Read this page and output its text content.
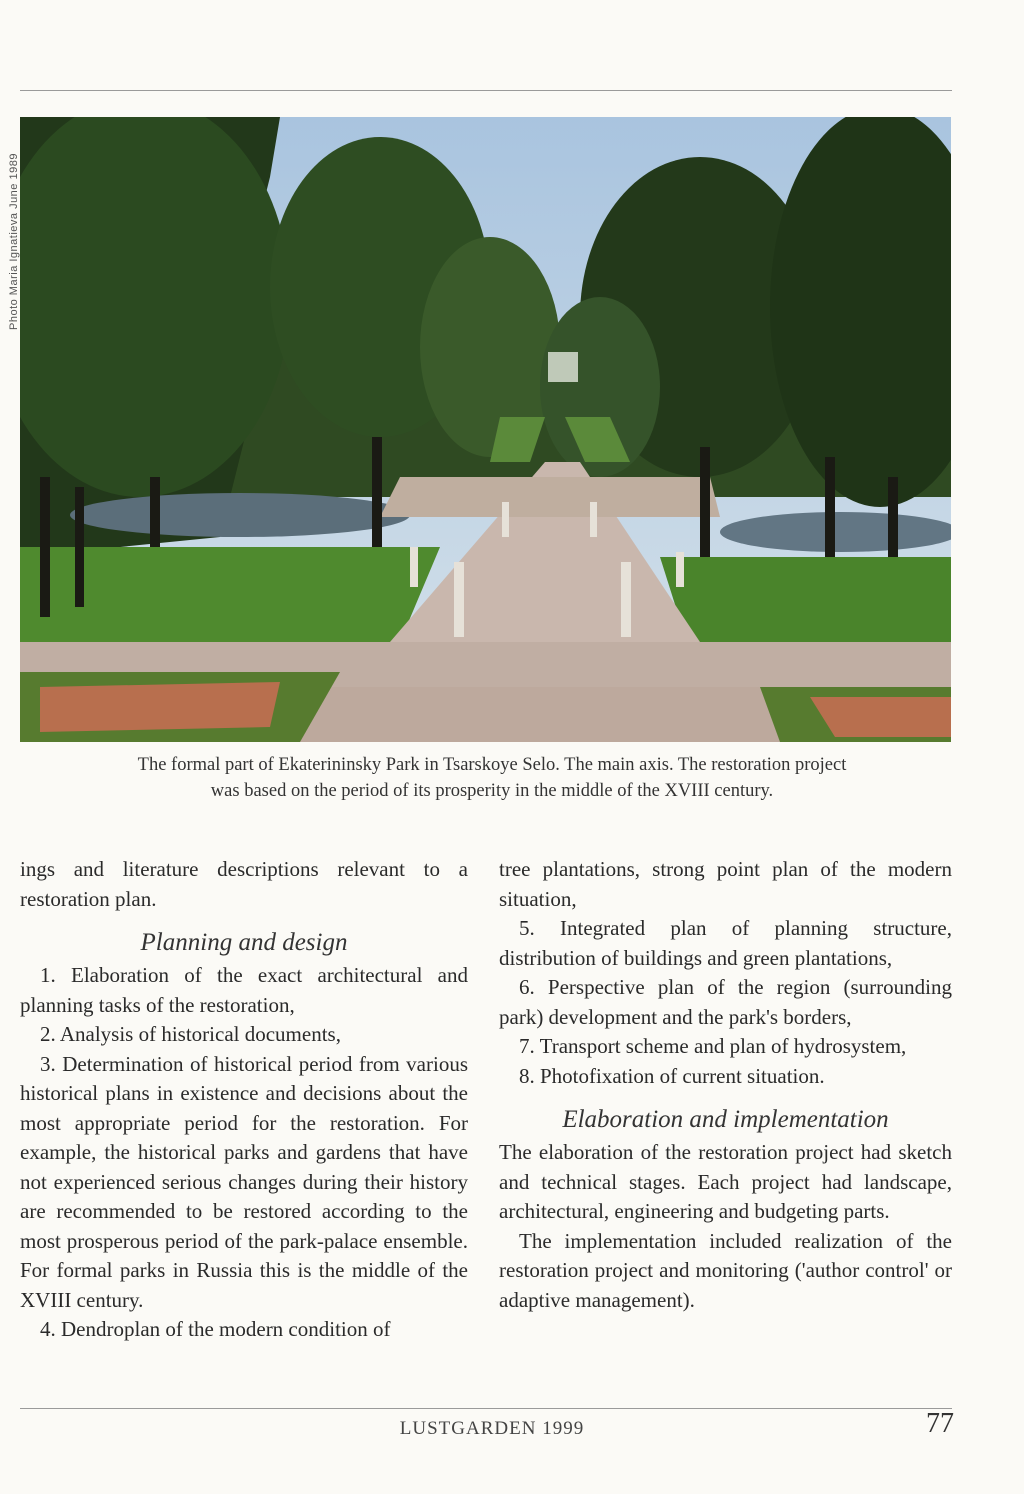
Photo Maria Ignatieva June 1989
The formal part of Ekaterininsky Park in Tsarskoye Selo. The main axis. The restoration project
was based on the period of its prosperity in the middle of the XVIII century.

ings and literature descriptions relevant to a restoration plan.

Planning and design

1. Elaboration of the exact architectural and planning tasks of the restoration,

2. Analysis of historical documents,

3. Determination of historical period from various historical plans in existence and decisions about the most appropriate period for the restoration. For example, the historical parks and gardens that have not experienced serious changes during their history are recommended to be restored according to the most prosperous period of the park-palace ensemble. For formal parks in Russia this is the middle of the XVIII century.

4. Dendroplan of the modern condition of

tree plantations, strong point plan of the modern situation,

5. Integrated plan of planning structure, distribution of buildings and green plantations,

6. Perspective plan of the region (surrounding park) development and the park's borders,

7. Transport scheme and plan of hydrosystem,

8. Photofixation of current situation.

Elaboration and implementation

The elaboration of the restoration project had sketch and technical stages. Each project had landscape, architectural, engineering and budgeting parts.

The implementation included realization of the restoration project and monitoring ('author control' or adaptive management).

LUSTGARDEN 1999	77
